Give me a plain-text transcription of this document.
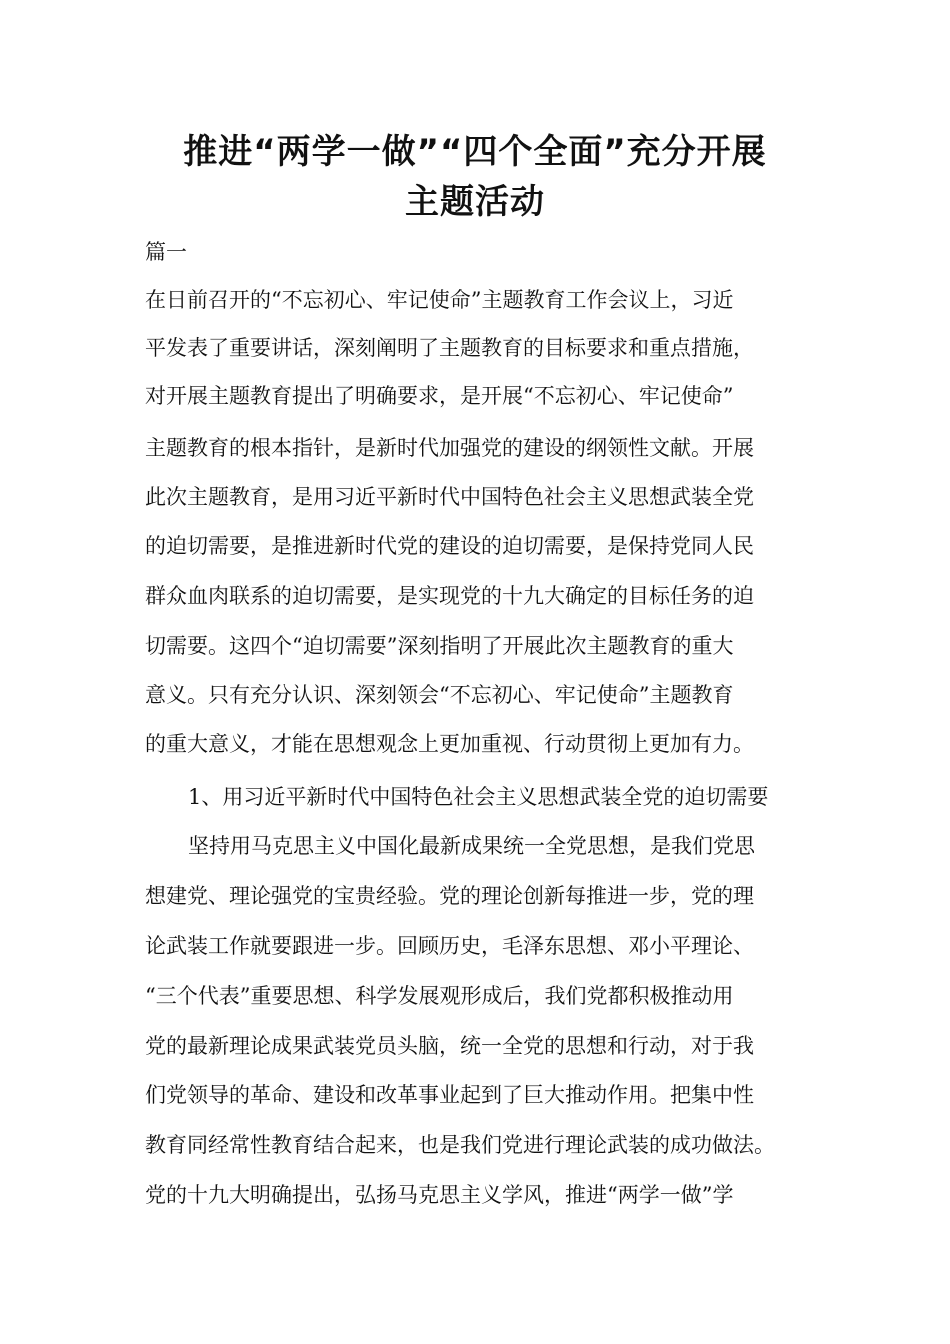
推进“两学一做”“四个全面”充分开展
主题活动

篇一

在日前召开的“不忘初心、牢记使命”主题教育工作会议上，习近

平发表了重要讲话，深刻阐明了主题教育的目标要求和重点措施，

对开展主题教育提出了明确要求，是开展“不忘初心、牢记使命”

主题教育的根本指针，是新时代加强党的建设的纲领性文献。开展

此次主题教育，是用习近平新时代中国特色社会主义思想武装全党

的迫切需要，是推进新时代党的建设的迫切需要，是保持党同人民

群众血肉联系的迫切需要，是实现党的十九大确定的目标任务的迫

切需要。这四个“迫切需要”深刻指明了开展此次主题教育的重大

意义。只有充分认识、深刻领会“不忘初心、牢记使命”主题教育

的重大意义，才能在思想观念上更加重视、行动贯彻上更加有力。

1、用习近平新时代中国特色社会主义思想武装全党的迫切需要

坚持用马克思主义中国化最新成果统一全党思想，是我们党思

想建党、理论强党的宝贵经验。党的理论创新每推进一步，党的理

论武装工作就要跟进一步。回顾历史，毛泽东思想、邓小平理论、

“三个代表”重要思想、科学发展观形成后，我们党都积极推动用

党的最新理论成果武装党员头脑，统一全党的思想和行动，对于我

们党领导的革命、建设和改革事业起到了巨大推动作用。把集中性

教育同经常性教育结合起来，也是我们党进行理论武装的成功做法。

党的十九大明确提出，弘扬马克思主义学风，推进“两学一做”学
